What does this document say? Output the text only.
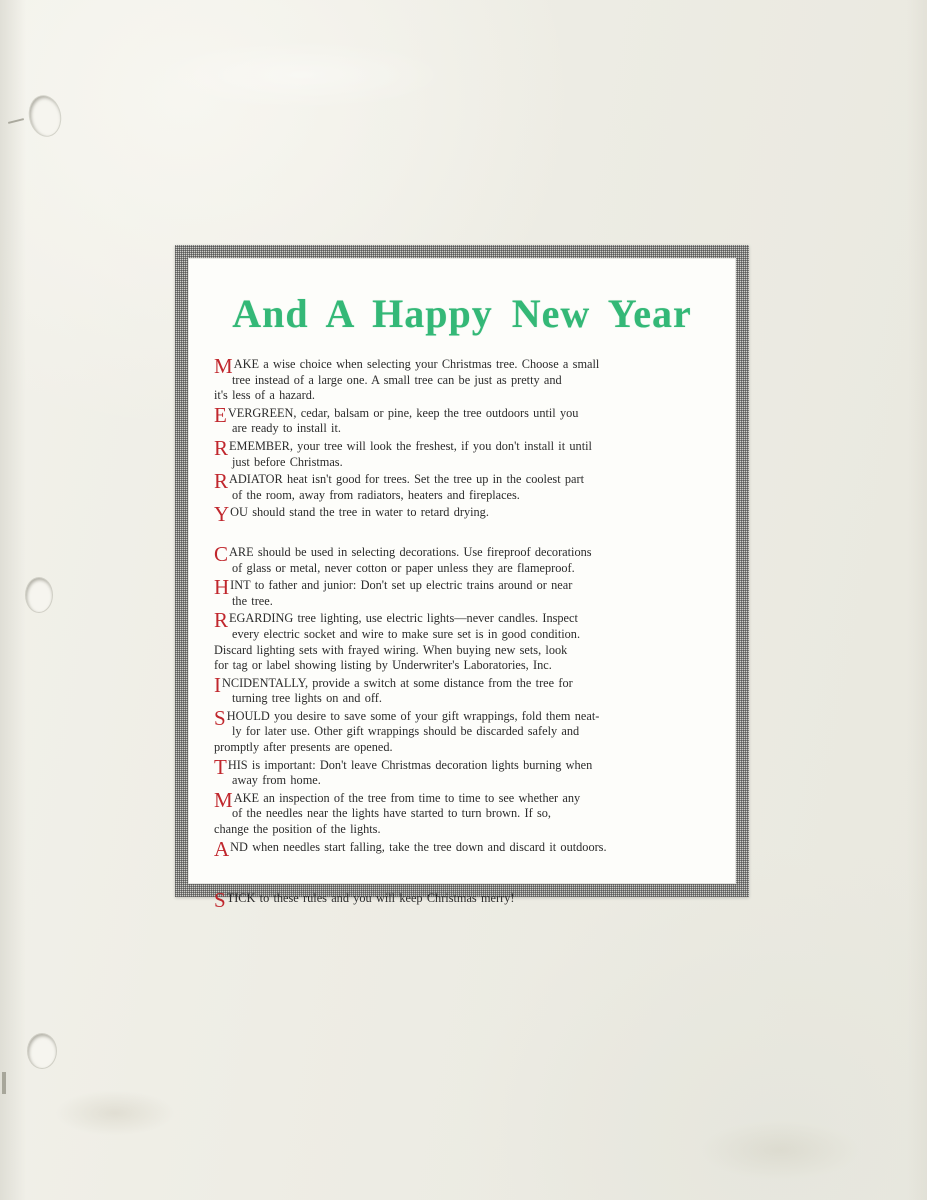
And A Happy New Year
M AKE a wise choice when selecting your Christmas tree. Choose a small
tree instead of a large one. A small tree can be just as pretty and
it's less of a hazard.
E VERGREEN, cedar, balsam or pine, keep the tree outdoors until you
are ready to install it.
R EMEMBER, your tree will look the freshest, if you don't install it until
just before Christmas.
R ADIATOR heat isn't good for trees. Set the tree up in the coolest part
of the room, away from radiators, heaters and fireplaces.
Y OU should stand the tree in water to retard drying.
C ARE should be used in selecting decorations. Use fireproof decorations
of glass or metal, never cotton or paper unless they are flameproof.
H INT to father and junior: Don't set up electric trains around or near
the tree.
R EGARDING tree lighting, use electric lights—never candles. Inspect
every electric socket and wire to make sure set is in good condition.
Discard lighting sets with frayed wiring. When buying new sets, look
for tag or label showing listing by Underwriter's Laboratories, Inc.
I NCIDENTALLY, provide a switch at some distance from the tree for
turning tree lights on and off.
S HOULD you desire to save some of your gift wrappings, fold them neat-
ly for later use. Other gift wrappings should be discarded safely and
promptly after presents are opened.
T HIS is important: Don't leave Christmas decoration lights burning when
away from home.
M AKE an inspection of the tree from time to time to see whether any
of the needles near the lights have started to turn brown. If so,
change the position of the lights.
A ND when needles start falling, take the tree down and discard it outdoors.
S TICK to these rules and you will keep Christmas merry!
